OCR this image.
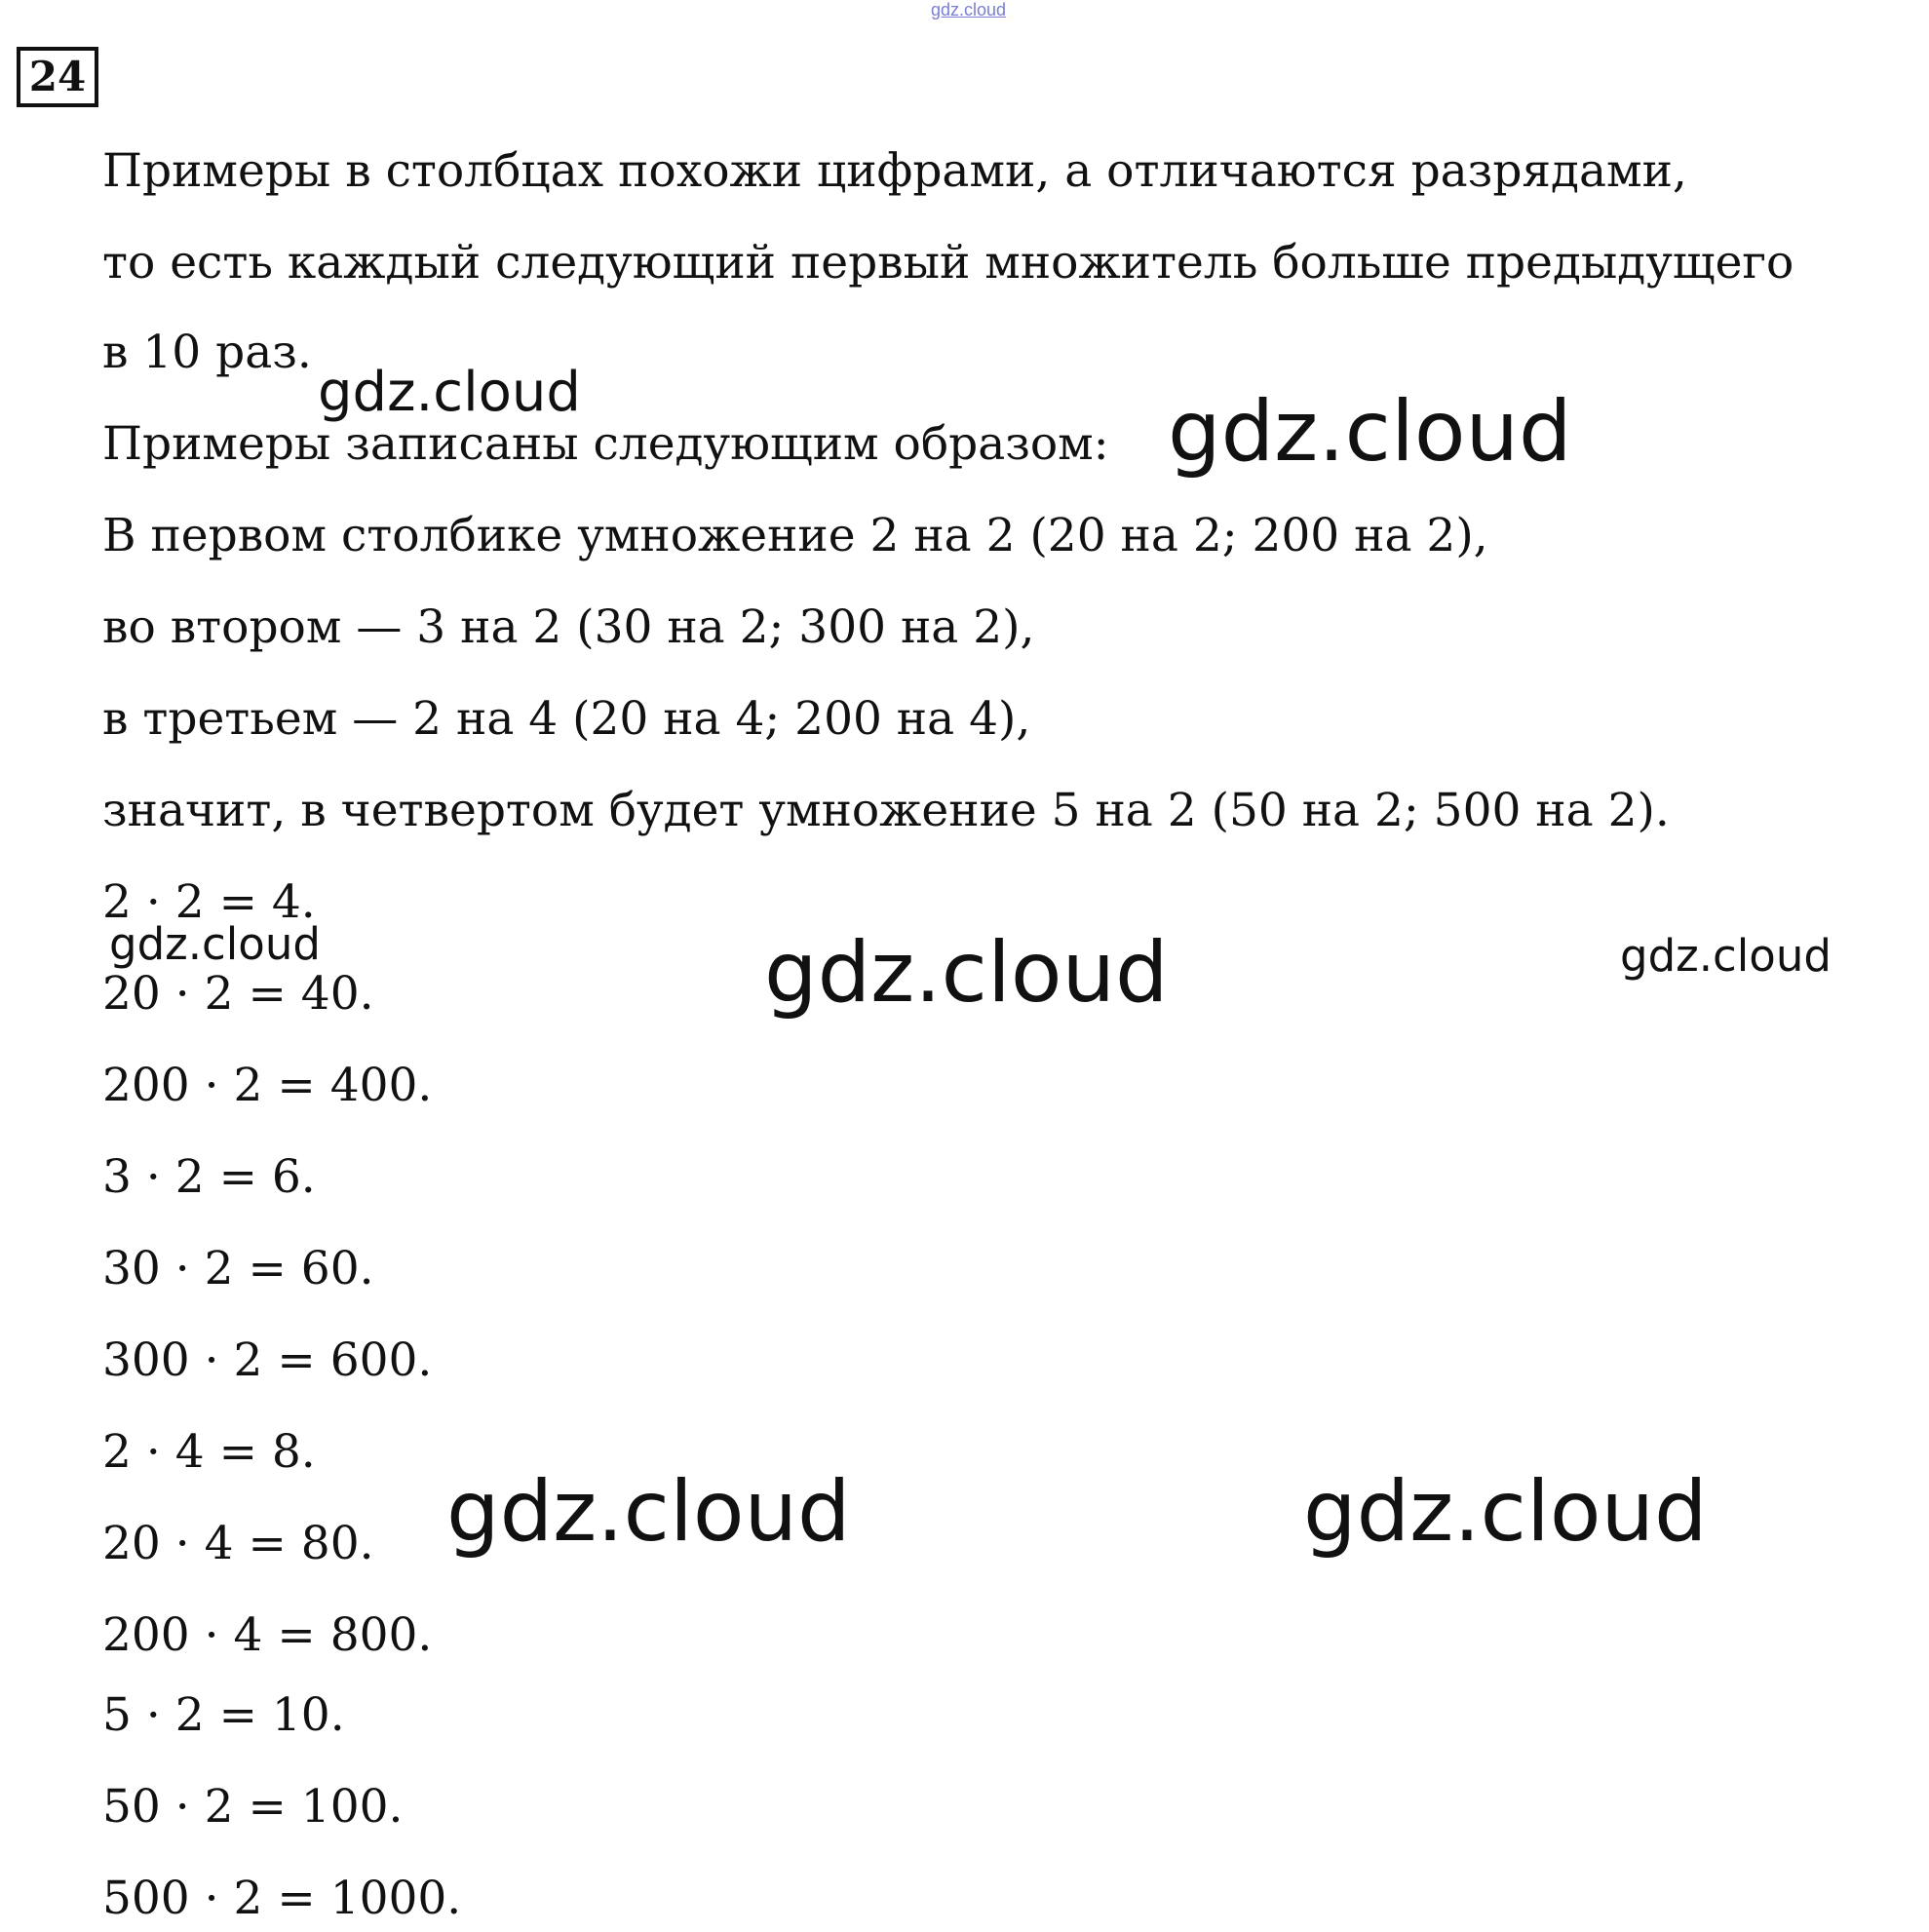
gdz.cloud
24
Примеры в столбцах похожи цифрами, а отличаются разрядами,
то есть каждый следующий первый множитель больше предыдущего
в 10 раз.
Примеры записаны следующим образом:
В первом столбике умножение 2 на 2 (20 на 2; 200 на 2),
во втором — 3 на 2 (30 на 2; 300 на 2),
в третьем — 2 на 4 (20 на 4; 200 на 4),
значит, в четвертом будет умножение 5 на 2 (50 на 2; 500 на 2).
2 · 2 = 4.
20 · 2 = 40.
200 · 2 = 400.
3 · 2 = 6.
30 · 2 = 60.
300 · 2 = 600.
2 · 4 = 8.
20 · 4 = 80.
200 · 4 = 800.
5 · 2 = 10.
50 · 2 = 100.
500 · 2 = 1000.
gdz.cloud	gdz.cloud
gdz.cloud	gdz.cloud	gdz.cloud
gdz.cloud	gdz.cloud
